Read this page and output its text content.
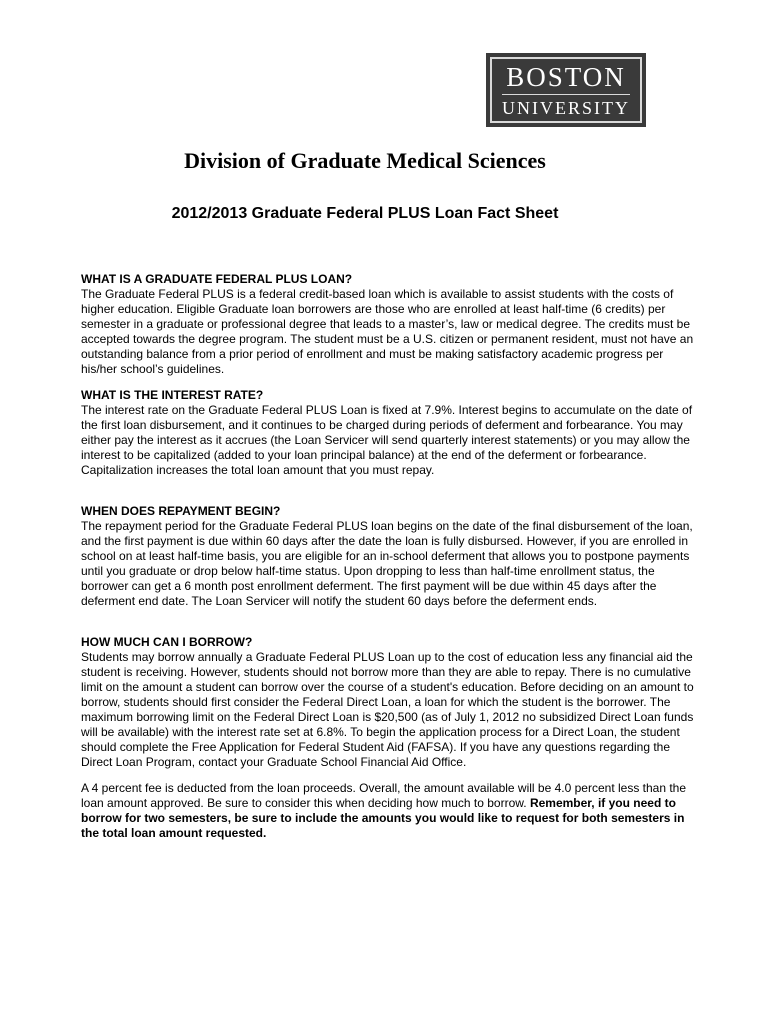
BOSTON
UNIVERSITY
Division of Graduate Medical Sciences
2012/2013 Graduate Federal PLUS Loan Fact Sheet
WHAT IS A GRADUATE FEDERAL PLUS LOAN?

The Graduate Federal PLUS is a federal credit-based loan which is available to assist students with the costs of higher education. Eligible Graduate loan borrowers are those who are enrolled at least half-time (6 credits) per semester in a graduate or professional degree that leads to a master’s, law or medical degree. The credits must be accepted towards the degree program. The student must be a U.S. citizen or permanent resident, must not have an outstanding balance from a prior period of enrollment and must be making satisfactory academic progress per his/her school’s guidelines.

WHAT IS THE INTEREST RATE?

The interest rate on the Graduate Federal PLUS Loan is fixed at 7.9%. Interest begins to accumulate on the date of the first loan disbursement, and it continues to be charged during periods of deferment and forbearance. You may either pay the interest as it accrues (the Loan Servicer will send quarterly interest statements) or you may allow the interest to be capitalized (added to your loan principal balance) at the end of the deferment or forbearance. Capitalization increases the total loan amount that you must repay.

WHEN DOES REPAYMENT BEGIN?

The repayment period for the Graduate Federal PLUS loan begins on the date of the final disbursement of the loan, and the first payment is due within 60 days after the date the loan is fully disbursed. However, if you are enrolled in school on at least half-time basis, you are eligible for an in-school deferment that allows you to postpone payments until you graduate or drop below half-time status. Upon dropping to less than half-time enrollment status, the borrower can get a 6 month post enrollment deferment. The first payment will be due within 45 days after the deferment end date. The Loan Servicer will notify the student 60 days before the deferment ends.

HOW MUCH CAN I BORROW?

Students may borrow annually a Graduate Federal PLUS Loan up to the cost of education less any financial aid the student is receiving. However, students should not borrow more than they are able to repay. There is no cumulative limit on the amount a student can borrow over the course of a student's education. Before deciding on an amount to borrow, students should first consider the Federal Direct Loan, a loan for which the student is the borrower. The maximum borrowing limit on the Federal Direct Loan is $20,500 (as of July 1, 2012 no subsidized Direct Loan funds will be available) with the interest rate set at 6.8%. To begin the application process for a Direct Loan, the student should complete the Free Application for Federal Student Aid (FAFSA). If you have any questions regarding the Direct Loan Program, contact your Graduate School Financial Aid Office.

A 4 percent fee is deducted from the loan proceeds. Overall, the amount available will be 4.0 percent less than the loan amount approved. Be sure to consider this when deciding how much to borrow. Remember, if you need to borrow for two semesters, be sure to include the amounts you would like to request for both semesters in the total loan amount requested.
